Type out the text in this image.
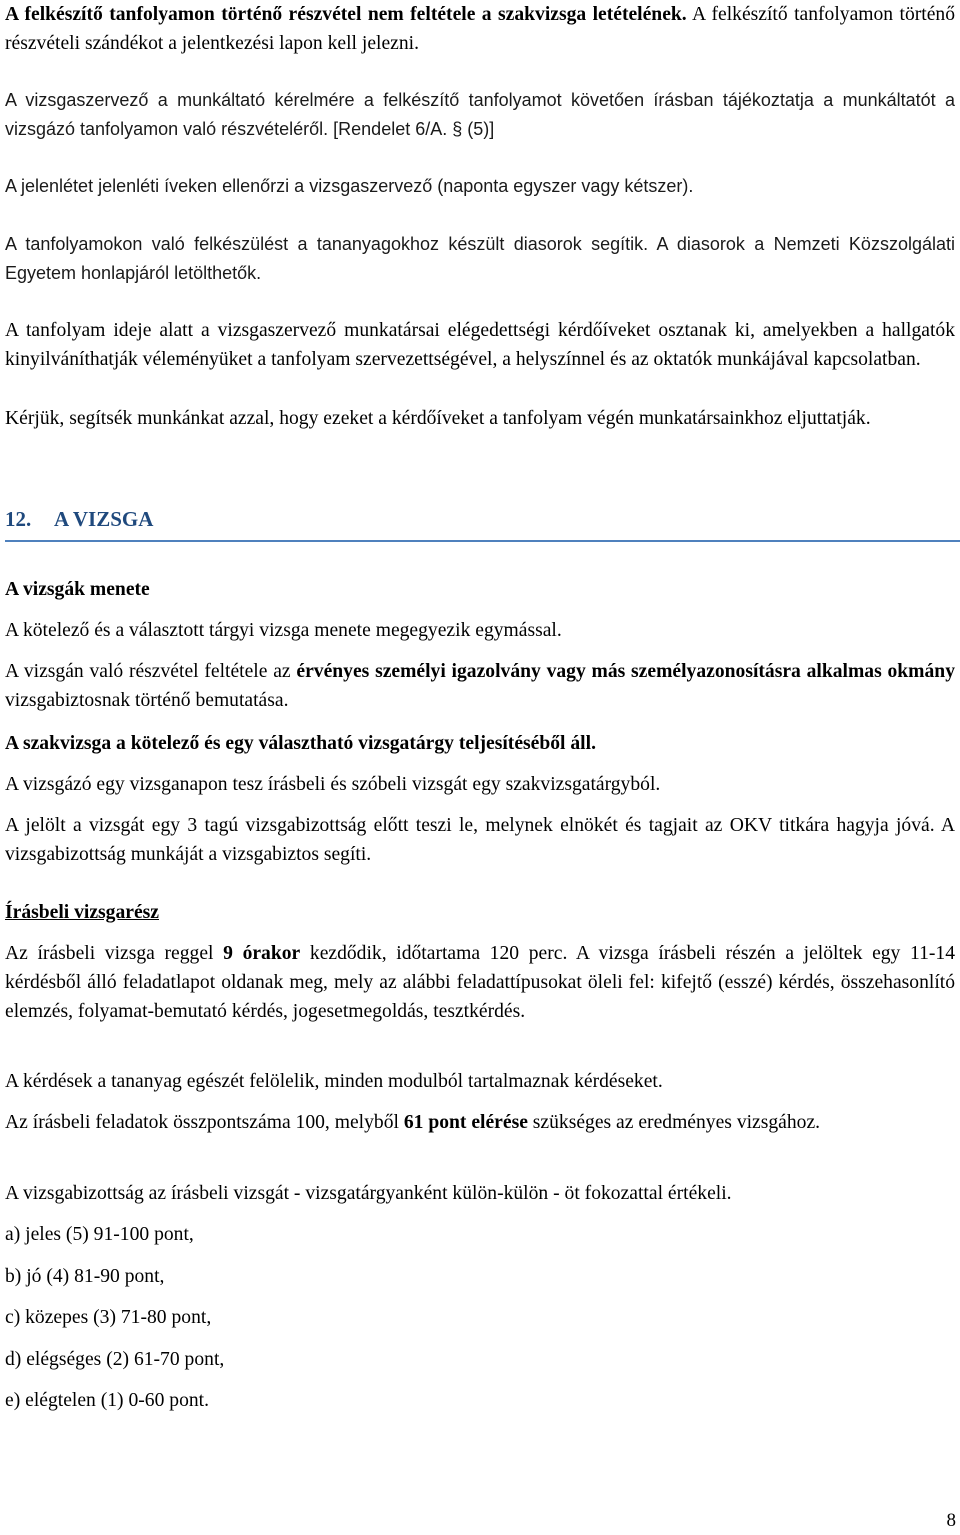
A felkészítő tanfolyamon történő részvétel nem feltétele a szakvizsga letételének. A felkészítő tanfolyamon történő részvételi szándékot a jelentkezési lapon kell jelezni.

A vizsgaszervező a munkáltató kérelmére a felkészítő tanfolyamot követően írásban tájékoztatja a munkáltatót a vizsgázó tanfolyamon való részvételéről. [Rendelet 6/A. § (5)]

A jelenlétet jelenléti íveken ellenőrzi a vizsgaszervező (naponta egyszer vagy kétszer).

A tanfolyamokon való felkészülést a tananyagokhoz készült diasorok segítik. A diasorok a Nemzeti Közszolgálati Egyetem honlapjáról letölthetők.

A tanfolyam ideje alatt a vizsgaszervező munkatársai elégedettségi kérdőíveket osztanak ki, amelyekben a hallgatók kinyilváníthatják véleményüket a tanfolyam szervezettségével, a helyszínnel és az oktatók munkájával kapcsolatban.

Kérjük, segítsék munkánkat azzal, hogy ezeket a kérdőíveket a tanfolyam végén munkatársainkhoz eljuttatják.

12. A VIZSGA
A vizsgák menete

A kötelező és a választott tárgyi vizsga menete megegyezik egymással.

A vizsgán való részvétel feltétele az érvényes személyi igazolvány vagy más személyazonosításra alkalmas okmány vizsgabiztosnak történő bemutatása.

A szakvizsga a kötelező és egy választható vizsgatárgy teljesítéséből áll.

A vizsgázó egy vizsganapon tesz írásbeli és szóbeli vizsgát egy szakvizsgatárgyból.

A jelölt a vizsgát egy 3 tagú vizsgabizottság előtt teszi le, melynek elnökét és tagjait az OKV titkára hagyja jóvá. A vizsgabizottság munkáját a vizsgabiztos segíti.

Írásbeli vizsgarész

Az írásbeli vizsga reggel 9 órakor kezdődik, időtartama 120 perc. A vizsga írásbeli részén a jelöltek egy 11-14 kérdésből álló feladatlapot oldanak meg, mely az alábbi feladattípusokat öleli fel: kifejtő (esszé) kérdés, összehasonlító elemzés, folyamat-bemutató kérdés, jogesetmegoldás, tesztkérdés.

A kérdések a tananyag egészét felölelik, minden modulból tartalmaznak kérdéseket.

Az írásbeli feladatok összpontszáma 100, melyből 61 pont elérése szükséges az eredményes vizsgához.

A vizsgabizottság az írásbeli vizsgát - vizsgatárgyanként külön-külön - öt fokozattal értékeli.

a) jeles (5) 91-100 pont,

b) jó (4) 81-90 pont,

c) közepes (3) 71-80 pont,

d) elégséges (2) 61-70 pont,

e) elégtelen (1) 0-60 pont.

8
